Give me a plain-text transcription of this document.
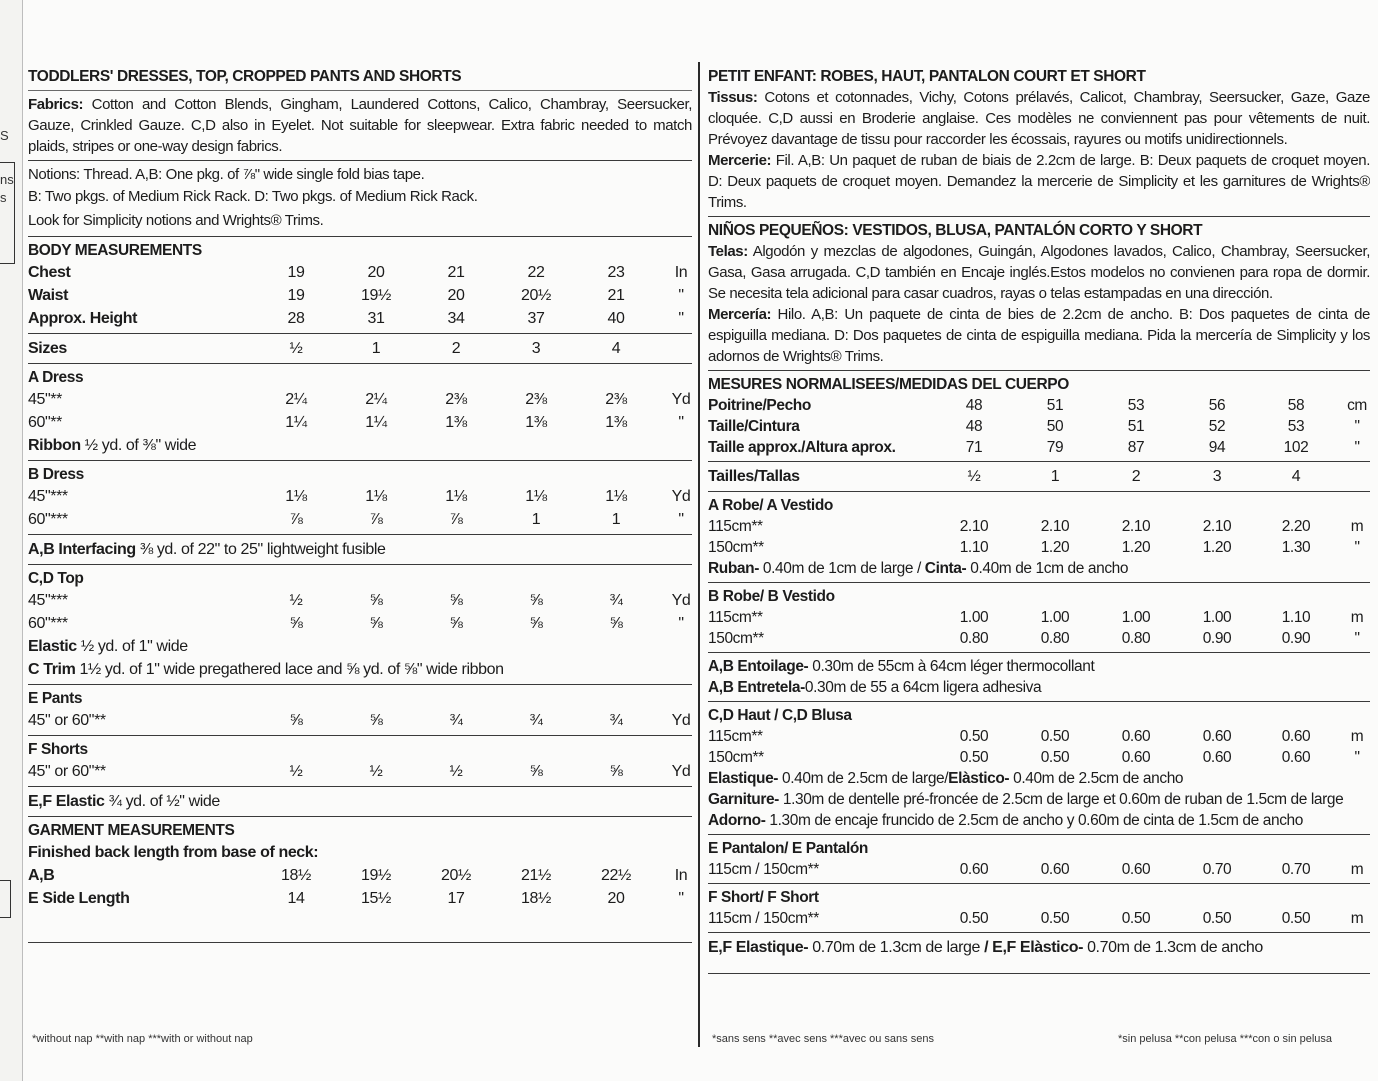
S
ns
s
TODDLERS' DRESSES, TOP, CROPPED PANTS AND SHORTS
Fabrics: Cotton and Cotton Blends, Gingham, Laundered Cottons, Calico, Chambray, Seersucker, Gauze, Crinkled Gauze. C,D also in Eyelet. Not suitable for sleepwear. Extra fabric needed to match plaids, stripes or one-way design fabrics.
Notions: Thread. A,B: One pkg. of ⅞" wide single fold bias tape.
B: Two pkgs. of Medium Rick Rack. D: Two pkgs. of Medium Rick Rack.
Look for Simplicity notions and Wrights® Trims.
BODY MEASUREMENTS
Chest	19	20	21	22	23	In
Waist	19	19½	20	20½	21	"
Approx. Height	28	31	34	37	40	"
Sizes	½	1	2	3	4
A Dress
45"**	2¼	2¼	2⅜	2⅜	2⅜	Yd
60"**	1¼	1¼	1⅜	1⅜	1⅜	"
Ribbon ½ yd. of ⅜" wide
B Dress
45"***	1⅛	1⅛	1⅛	1⅛	1⅛	Yd
60"***	⅞	⅞	⅞	1	1	"
A,B Interfacing ⅜ yd. of 22" to 25" lightweight fusible
C,D Top
45"***	½	⅝	⅝	⅝	¾	Yd
60"***	⅝	⅝	⅝	⅝	⅝	"
Elastic ½ yd. of 1" wide
C Trim 1½ yd. of 1" wide pregathered lace and ⅝ yd. of ⅝" wide ribbon
E Pants
45" or 60"**	⅝	⅝	¾	¾	¾	Yd
F Shorts
45" or 60"**	½	½	½	⅝	⅝	Yd
E,F Elastic ¾ yd. of ½" wide
GARMENT MEASUREMENTS
Finished back length from base of neck:
A,B	18½	19½	20½	21½	22½	In
E Side Length	14	15½	17	18½	20	"
*without nap **with nap ***with or without nap
PETIT ENFANT: ROBES, HAUT, PANTALON COURT ET SHORT
Tissus: Cotons et cotonnades, Vichy, Cotons prélavés, Calicot, Chambray, Seersucker, Gaze, Gaze cloquée. C,D aussi en Broderie anglaise. Ces modèles ne conviennent pas pour vêtements de nuit. Prévoyez davantage de tissu pour raccorder les écossais, rayures ou motifs unidirectionnels.
Mercerie: Fil. A,B: Un paquet de ruban de biais de 2.2cm de large. B: Deux paquets de croquet moyen. D: Deux paquets de croquet moyen. Demandez la mercerie de Simplicity et les garnitures de Wrights® Trims.
NIÑOS PEQUEÑOS: VESTIDOS, BLUSA, PANTALÓN CORTO Y SHORT
Telas: Algodón y mezclas de algodones, Guingán, Algodones lavados, Calico, Chambray, Seersucker, Gasa, Gasa arrugada. C,D también en Encaje inglés.Estos modelos no convienen para ropa de dormir. Se necesita tela adicional para casar cuadros, rayas o telas estampadas en una dirección.
Mercería: Hilo. A,B: Un paquete de cinta de bies de 2.2cm de ancho. B: Dos paquetes de cinta de espiguilla mediana. D: Dos paquetes de cinta de espiguilla mediana. Pida la mercería de Simplicity y los adornos de Wrights® Trims.
MESURES NORMALISEES/MEDIDAS DEL CUERPO
Poitrine/Pecho	48	51	53	56	58	cm
Taille/Cintura	48	50	51	52	53	"
Taille approx./Altura aprox.	71	79	87	94	102	"
Tailles/Tallas	½	1	2	3	4
A Robe/ A Vestido
115cm**	2.10	2.10	2.10	2.10	2.20	m
150cm**	1.10	1.20	1.20	1.20	1.30	"
Ruban- 0.40m de 1cm de large / Cinta- 0.40m de 1cm de ancho
B Robe/ B Vestido
115cm**	1.00	1.00	1.00	1.00	1.10	m
150cm**	0.80	0.80	0.80	0.90	0.90	"
A,B Entoilage- 0.30m de 55cm à 64cm léger thermocollant
A,B Entretela-0.30m de 55 a 64cm ligera adhesiva
C,D Haut / C,D Blusa
115cm**	0.50	0.50	0.60	0.60	0.60	m
150cm**	0.50	0.50	0.60	0.60	0.60	"
Elastique- 0.40m de 2.5cm de large/Elàstico- 0.40m de 2.5cm de ancho
Garniture- 1.30m de dentelle pré-froncée de 2.5cm de large et 0.60m de ruban de 1.5cm de large
Adorno- 1.30m de encaje fruncido de 2.5cm de ancho y 0.60m de cinta de 1.5cm de ancho
E Pantalon/ E Pantalón
115cm / 150cm**	0.60	0.60	0.60	0.70	0.70	m
F Short/ F Short
115cm / 150cm**	0.50	0.50	0.50	0.50	0.50	m
E,F Elastique- 0.70m de 1.3cm de large / E,F Elàstico- 0.70m de 1.3cm de ancho
*sans sens **avec sens ***avec ou sans sens	*sin pelusa **con pelusa ***con o sin pelusa
